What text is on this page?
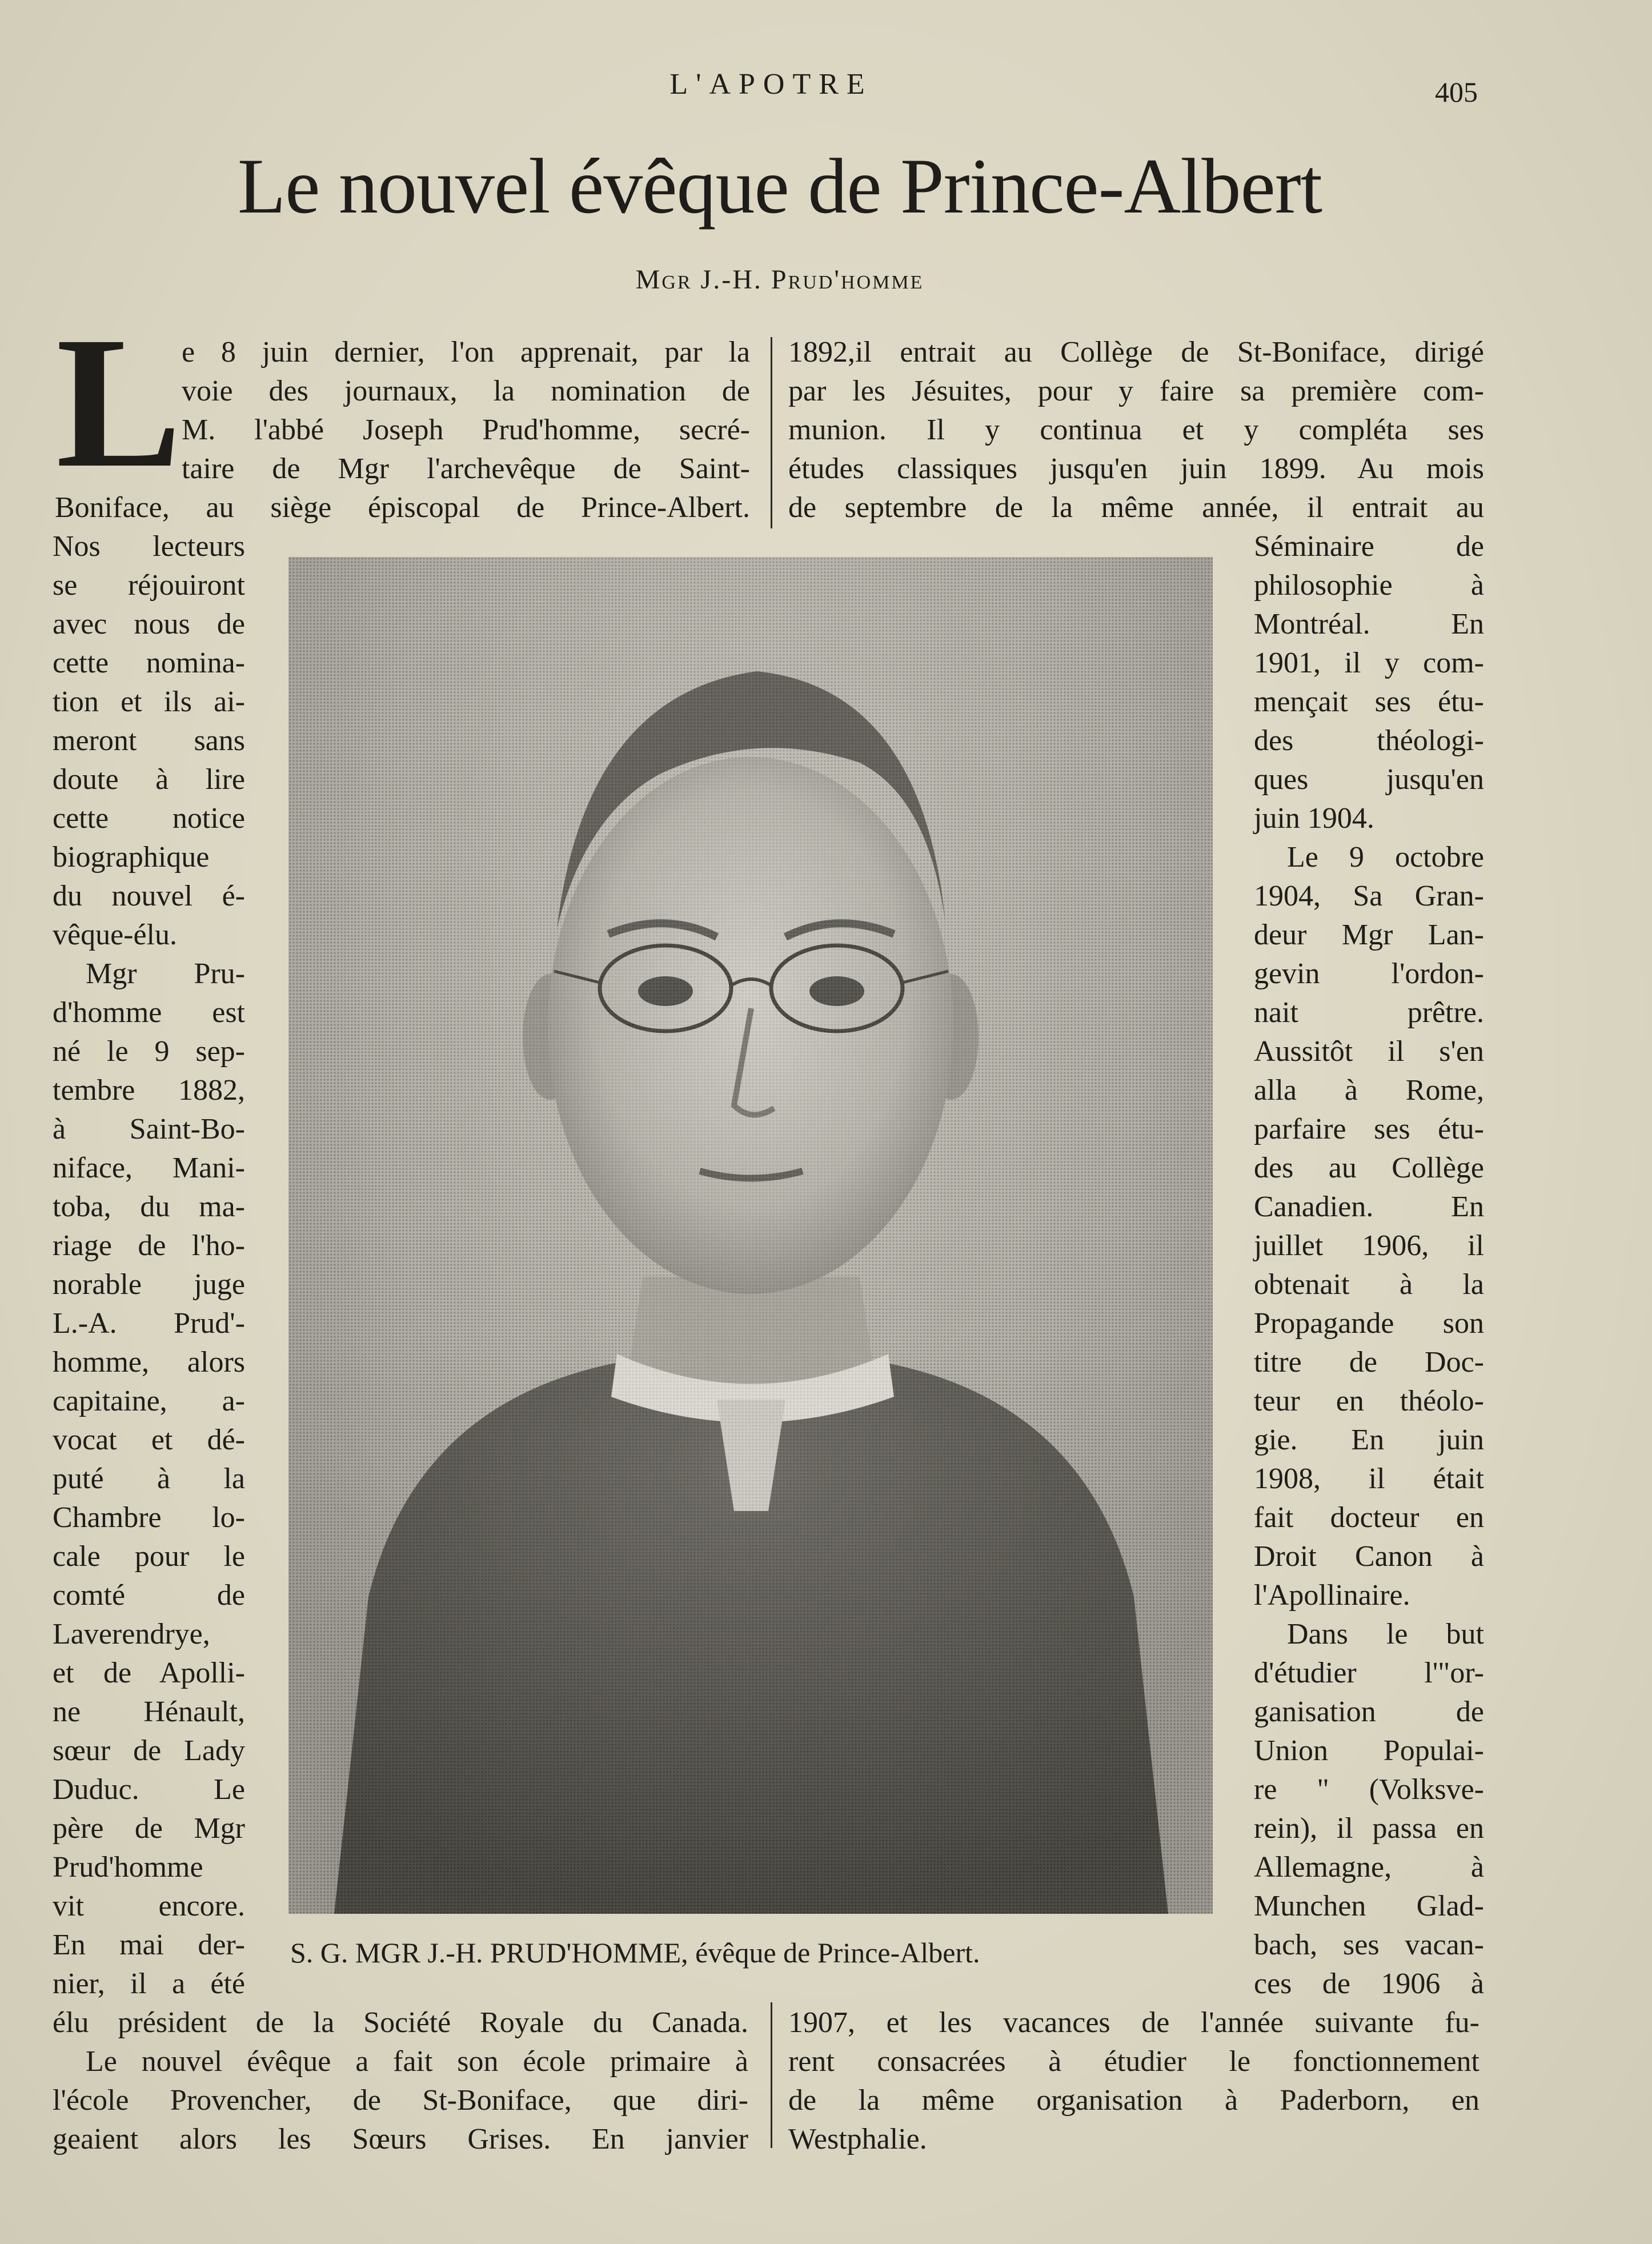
L'APOTRE	405
Le nouvel évêque de Prince-Albert
Mgr J.-H. Prud'homme
L e 8 juin dernier, l'on apprenait, par la
voie des journaux, la nomination de
M. l'abbé Joseph Prud'homme, secré-
taire de Mgr l'archevêque de Saint-
Boniface, au siège épiscopal de Prince-Albert.
Nos lecteurs
se réjouiront
avec nous de
cette nomina-
tion et ils ai-
meront sans
doute à lire
cette notice
biographique
du nouvel é-
vêque-élu.
Mgr Pru-
d'homme est
né le 9 sep-
tembre 1882,
à Saint-Bo-
niface, Mani-
toba, du ma-
riage de l'ho-
norable juge
L.-A. Prud'-
homme, alors
capitaine, a-
vocat et dé-
puté à la
Chambre lo-
cale pour le
comté de
Laverendrye,
et de Apolli-
ne Hénault,
sœur de Lady
Duduc. Le
père de Mgr
Prud'homme
vit encore.
En mai der-
nier, il a été
élu président de la Société Royale du Canada.
Le nouvel évêque a fait son école primaire à
l'école Provencher, de St-Boniface, que diri-
geaient alors les Sœurs Grises. En janvier
1892,il entrait au Collège de St-Boniface, dirigé
par les Jésuites, pour y faire sa première com-
munion. Il y continua et y compléta ses
études classiques jusqu'en juin 1899. Au mois
de septembre de la même année, il entrait au
Séminaire de
philosophie à
Montréal. En
1901, il y com-
mençait ses étu-
des théologi-
ques jusqu'en
juin 1904.
Le 9 octobre
1904, Sa Gran-
deur Mgr Lan-
gevin l'ordon-
nait prêtre.
Aussitôt il s'en
alla à Rome,
parfaire ses étu-
des au Collège
Canadien. En
juillet 1906, il
obtenait à la
Propagande son
titre de Doc-
teur en théolo-
gie. En juin
1908, il était
fait docteur en
Droit Canon à
l'Apollinaire.
Dans le but
d'étudier l'"or-
ganisation de
Union Populai-
re " (Volksve-
rein), il passa en
Allemagne, à
Munchen Glad-
bach, ses vacan-
ces de 1906 à
1907, et les vacances de l'année suivante fu-
rent consacrées à étudier le fonctionnement
de la même organisation à Paderborn, en
Westphalie.
S. G. MGR J.-H. PRUD'HOMME, évêque de Prince-Albert.
